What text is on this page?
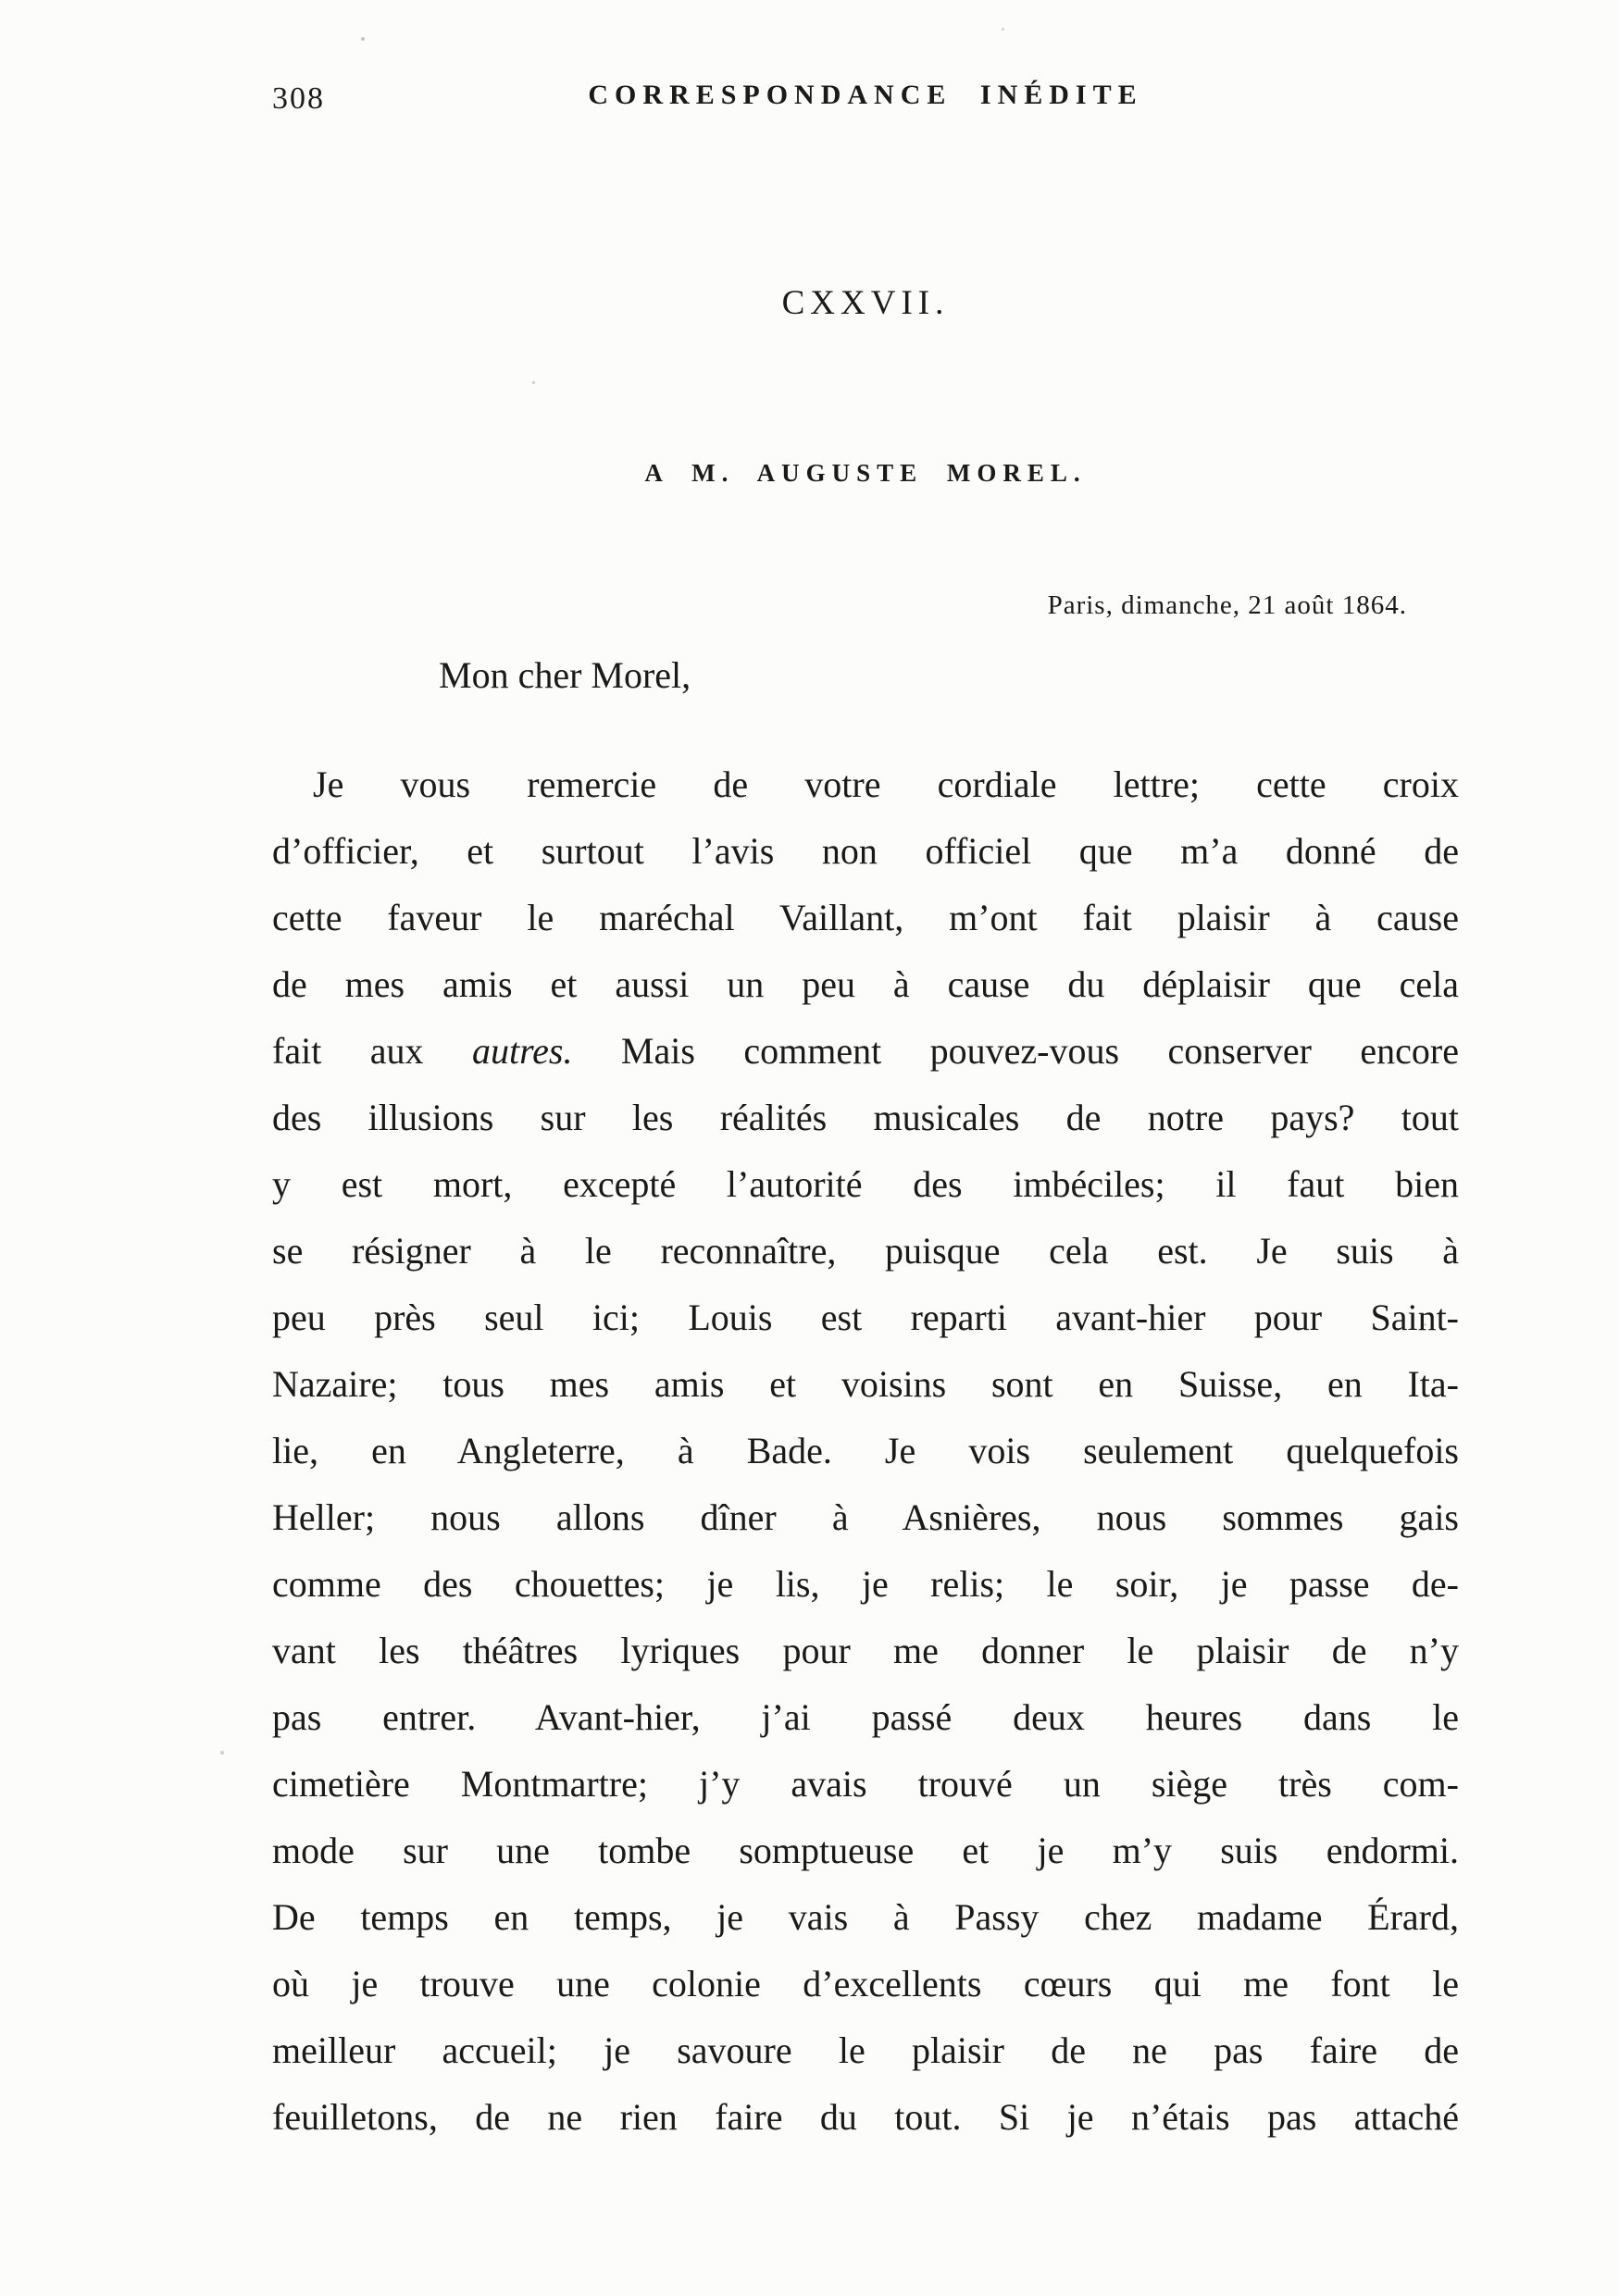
308	CORRESPONDANCE INÉDITE
CXXVII.
A M. AUGUSTE MOREL.
Paris, dimanche, 21 août 1864.
Mon cher Morel,
Je vous remercie de votre cordiale lettre; cette croix
d’officier, et surtout l’avis non officiel que m’a donné de
cette faveur le maréchal Vaillant, m’ont fait plaisir à cause
de mes amis et aussi un peu à cause du déplaisir que cela
fait aux autres. Mais comment pouvez-vous conserver encore
des illusions sur les réalités musicales de notre pays? tout
y est mort, excepté l’autorité des imbéciles; il faut bien
se résigner à le reconnaître, puisque cela est. Je suis à
peu près seul ici; Louis est reparti avant-hier pour Saint-
Nazaire; tous mes amis et voisins sont en Suisse, en Ita-
lie, en Angleterre, à Bade. Je vois seulement quelquefois
Heller; nous allons dîner à Asnières, nous sommes gais
comme des chouettes; je lis, je relis; le soir, je passe de-
vant les théâtres lyriques pour me donner le plaisir de n’y
pas entrer. Avant-hier, j’ai passé deux heures dans le
cimetière Montmartre; j’y avais trouvé un siège très com-
mode sur une tombe somptueuse et je m’y suis endormi.
De temps en temps, je vais à Passy chez madame Érard,
où je trouve une colonie d’excellents cœurs qui me font le
meilleur accueil; je savoure le plaisir de ne pas faire de
feuilletons, de ne rien faire du tout. Si je n’étais pas attaché
